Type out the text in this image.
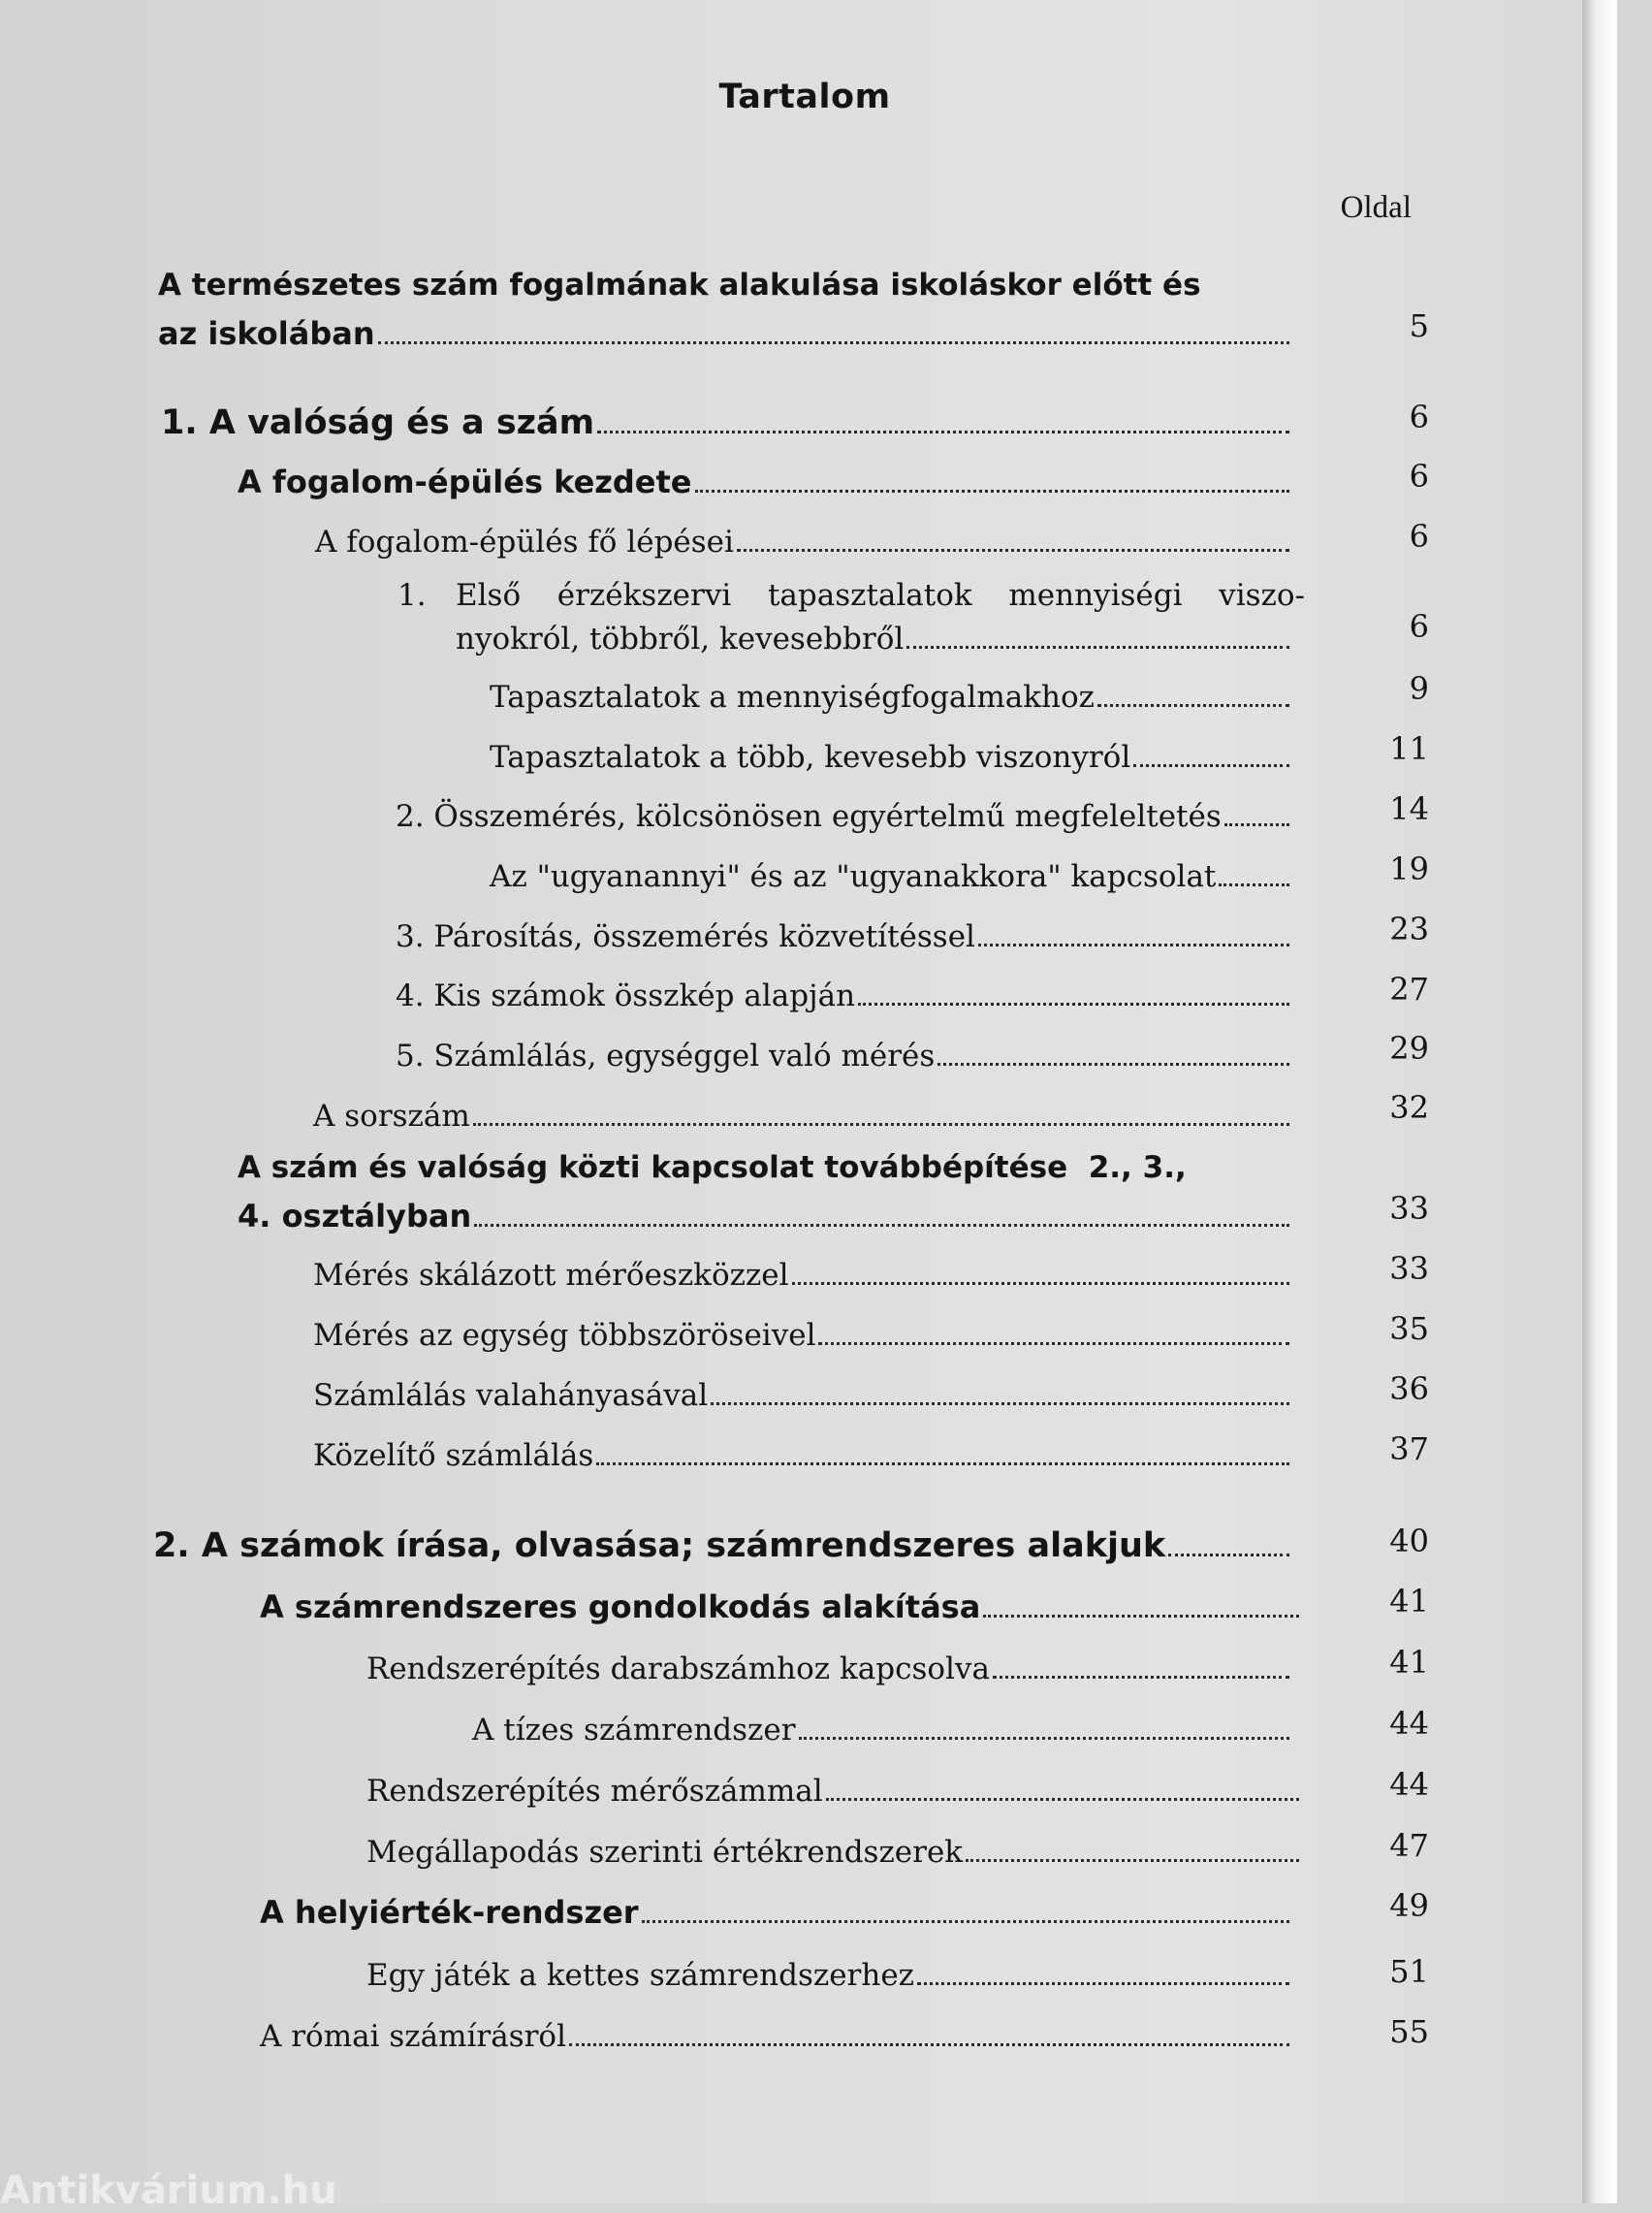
Tartalom
Oldal
A természetes szám fogalmának alakulása iskoláskor előtt és
az iskolában	5
1. A valóság és a szám	6
A fogalom-épülés kezdete	6
A fogalom-épülés fő lépései	6
1. Első érzékszervi tapasztalatok mennyiségi viszo-
nyokról, többről, kevesebbről	6
Tapasztalatok a mennyiségfogalmakhoz	9
Tapasztalatok a több, kevesebb viszonyról	11
2. Összemérés, kölcsönösen egyértelmű megfeleltetés	14
Az "ugyanannyi" és az "ugyanakkora" kapcsolat	19
3. Párosítás, összemérés közvetítéssel	23
4. Kis számok összkép alapján	27
5. Számlálás, egységgel való mérés	29
A sorszám	32
A szám és valóság közti kapcsolat továbbépítése  2., 3.,
4. osztályban	33
Mérés skálázott mérőeszközzel	33
Mérés az egység többszöröseivel	35
Számlálás valahányasával	36
Közelítő számlálás	37
2. A számok írása, olvasása; számrendszeres alakjuk	40
A számrendszeres gondolkodás alakítása	41
Rendszerépítés darabszámhoz kapcsolva	41
A tízes számrendszer	44
Rendszerépítés mérőszámmal	44
Megállapodás szerinti értékrendszerek	47
A helyiérték-rendszer	49
Egy játék a kettes számrendszerhez	51
A római számírásról	55
Antikvárium.hu
